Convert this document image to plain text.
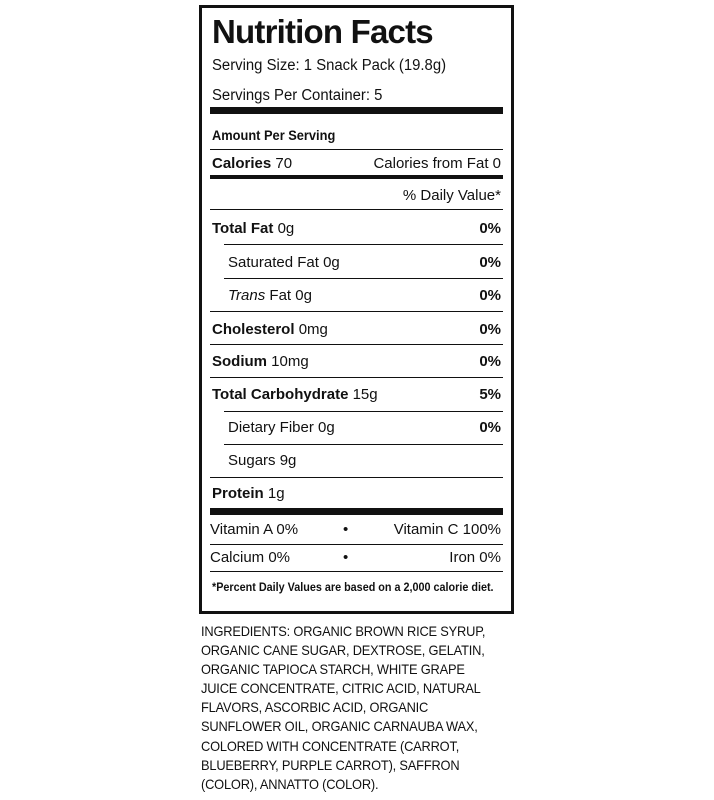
Nutrition Facts
Serving Size: 1 Snack Pack (19.8g)
Servings Per Container: 5
Amount Per Serving
Calories 70	Calories from Fat 0
% Daily Value*
Total Fat 0g	0%
Saturated Fat 0g	0%
Trans Fat 0g	0%
Cholesterol 0mg	0%
Sodium 10mg	0%
Total Carbohydrate 15g	5%
Dietary Fiber 0g	0%
Sugars 9g
Protein 1g
Vitamin A 0%	•	Vitamin C 100%
Calcium 0%	•	Iron 0%
*Percent Daily Values are based on a 2,000 calorie diet.
INGREDIENTS: ORGANIC BROWN RICE SYRUP,
ORGANIC CANE SUGAR, DEXTROSE, GELATIN,
ORGANIC TAPIOCA STARCH, WHITE GRAPE
JUICE CONCENTRATE, CITRIC ACID, NATURAL
FLAVORS, ASCORBIC ACID, ORGANIC
SUNFLOWER OIL, ORGANIC CARNAUBA WAX,
COLORED WITH CONCENTRATE (CARROT,
BLUEBERRY, PURPLE CARROT), SAFFRON
(COLOR), ANNATTO (COLOR).
